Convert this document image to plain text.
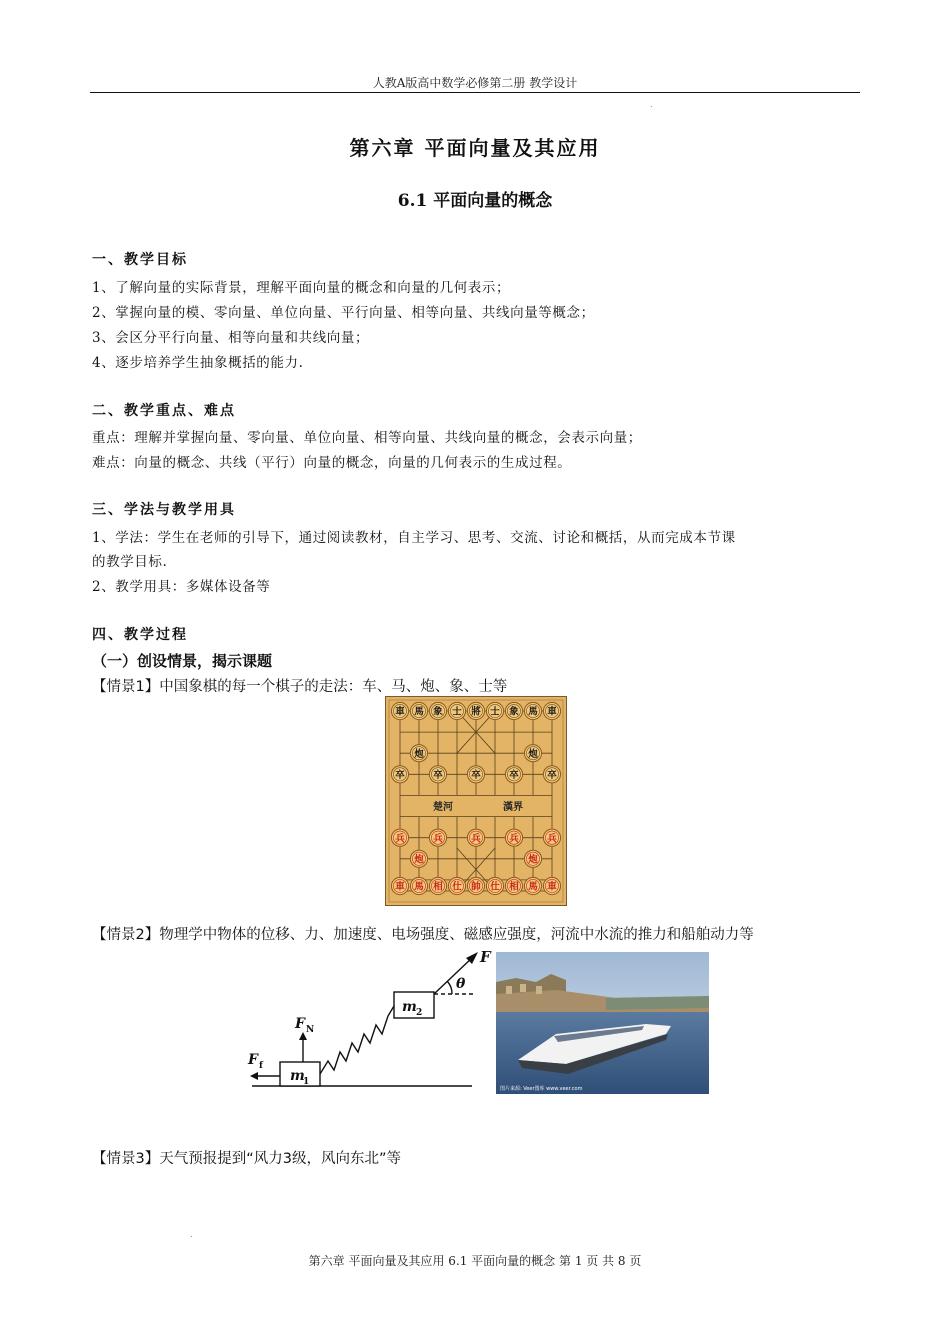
人教A版高中数学必修第二册 教学设计
.
第六章 平面向量及其应用
6.1 平面向量的概念
一、教学目标
1、了解向量的实际背景，理解平面向量的概念和向量的几何表示；
2、掌握向量的模、零向量、单位向量、平行向量、相等向量、共线向量等概念；
3、会区分平行向量、相等向量和共线向量；
4、逐步培养学生抽象概括的能力.
二、教学重点、难点
重点：理解并掌握向量、零向量、单位向量、相等向量、共线向量的概念，会表示向量；
难点：向量的概念、共线（平行）向量的概念，向量的几何表示的生成过程。
三、学法与教学用具
1、学法：学生在老师的引导下，通过阅读教材，自主学习、思考、交流、讨论和概括，从而完成本节课
的教学目标.
2、教学用具：多媒体设备等
四、教学过程
（一）创设情景，揭示课题
【情景1】中国象棋的每一个棋子的走法：车、马、炮、象、士等
楚河	漢界
車 馬 象 士 將 士 象 馬 車
炮	炮
卒	卒	卒	卒	卒
兵	兵	兵	兵	兵
炮	炮
車 馬 相 仕 帥 仕 相 馬 車
【情景2】物理学中物体的位移、力、加速度、电场强度、磁感应强度，河流中水流的推力和船舶动力等
F
θ
m 2
F N
F f
m
1
图片来源: Veer图库 www.veer.com
【情景3】天气预报提到“风力3级，风向东北”等
.
第六章 平面向量及其应用 6.1 平面向量的概念 第 1 页 共 8 页
